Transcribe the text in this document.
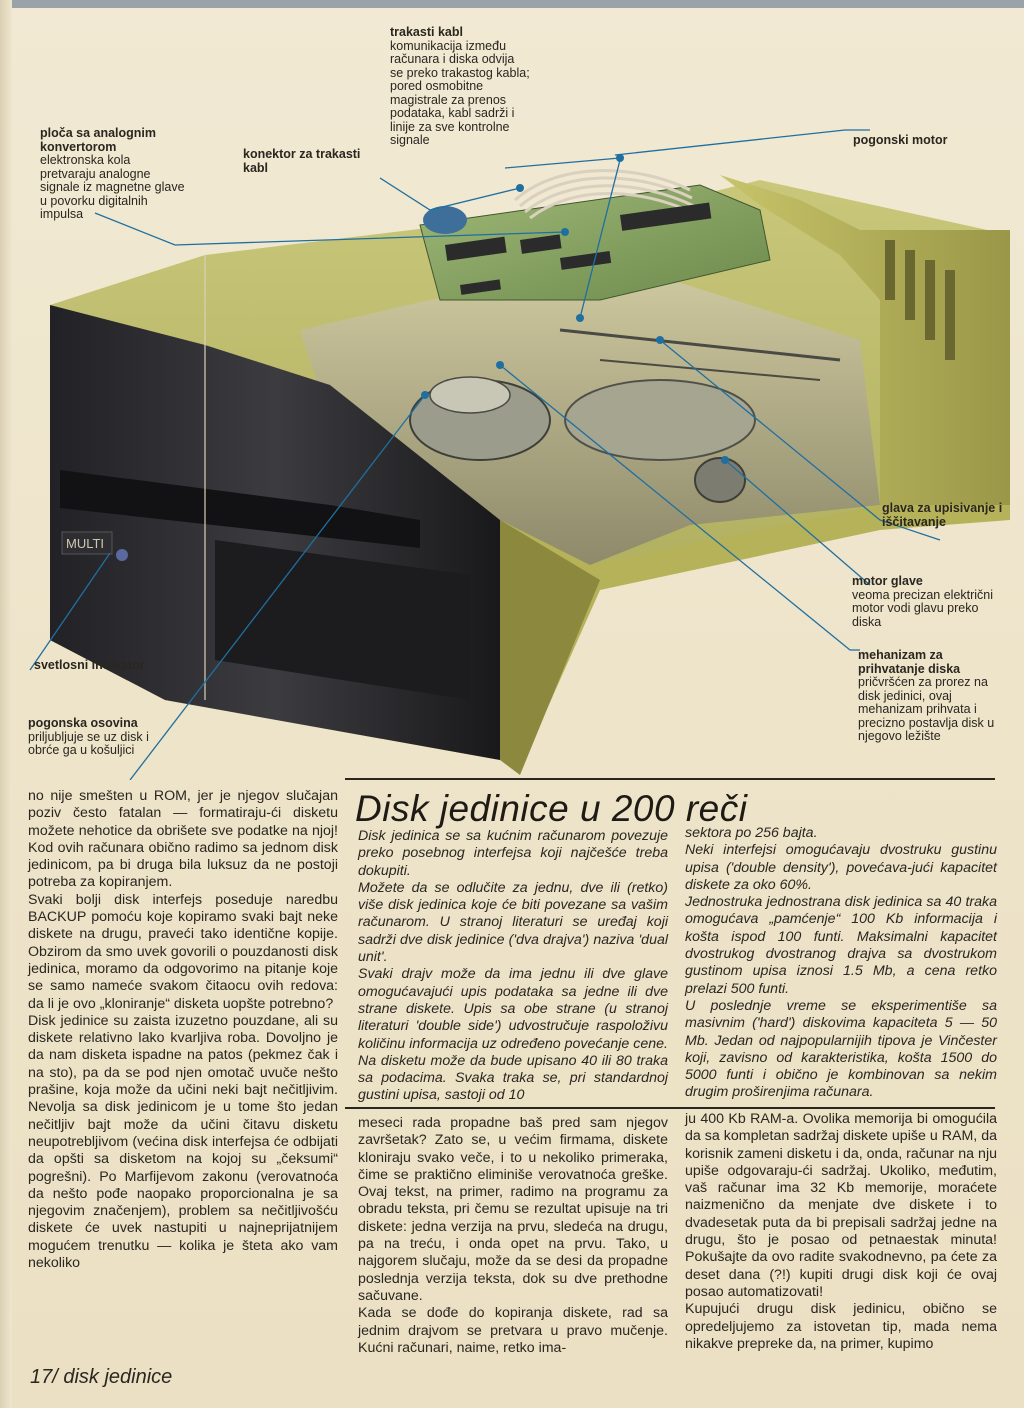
MULTI
ploča sa analognim konvertorom
elektronska kola pretvaraju analogne signale iz magnetne glave u povorku digitalnih impulsa
konektor za trakasti kabl
trakasti kabl
komunikacija između računara i diska odvija se preko trakastog kabla; pored osmobitne magistrale za prenos podataka, kabl sadrži i linije za sve kontrolne signale	pogonski motor
glava za upisivanje i iščitavanje
motor glave
veoma precizan električni motor vodi glavu preko diska
svetlosni indikator
mehanizam za prihvatanje diska
pričvršćen za prorez na disk jedinici, ovaj mehanizam prihvata i precizno postavlja disk u njegovo ležište
pogonska osovina
priljubljuje se uz disk i obrće ga u košuljici
Disk jedinice u 200 reči
no nije smešten u ROM, jer je njegov slučajan poziv često fatalan — formatiraju-ći disketu možete nehotice da obrišete sve podatke na njoj! Kod ovih računara obično radimo sa jednom disk jedinicom, pa bi druga bila luksuz da ne postoji potreba za kopiranjem.
Svaki bolji disk interfejs poseduje naredbu BACKUP pomoću koje kopiramo svaki bajt neke diskete na drugu, praveći tako identične kopije. Obzirom da smo uvek govorili o pouzdanosti disk jedinica, moramo da odgovorimo na pitanje koje se samo nameće svakom čitaocu ovih redova: da li je ovo „kloniranje“ disketa uopšte potrebno?
Disk jedinice su zaista izuzetno pouzdane, ali su diskete relativno lako kvarljiva roba. Dovoljno je da nam disketa ispadne na patos (pekmez čak i na sto), pa da se pod njen omotač uvuče nešto prašine, koja može da učini neki bajt nečitljivim. Nevolja sa disk jedinicom je u tome što jedan nečitljiv bajt može da učini čitavu disketu neupotrebljivom (većina disk interfejsa će odbijati da opšti sa disketom na kojoj su „čeksumi“ pogrešni). Po Marfijevom zakonu (verovatnoća da nešto pođe naopako proporcionalna je sa njegovim značenjem), problem sa nečitljivošću diskete će uvek nastupiti u najneprijatnijem mogućem trenutku — kolika je šteta ako vam nekoliko
Disk jedinica se sa kućnim računarom povezuje preko posebnog interfejsa koji najčešće treba dokupiti.
Možete da se odlučite za jednu, dve ili (retko) više disk jedinica koje će biti povezane sa vašim računarom. U stranoj literaturi se uređaj koji sadrži dve disk jedinice ('dva drajva') naziva 'dual unit'.
Svaki drajv može da ima jednu ili dve glave omogućavajući upis podataka sa jedne ili dve strane diskete. Upis sa obe strane (u stranoj literaturi 'double side') udvostručuje raspoloživu količinu informacija uz određeno povećanje cene.
Na disketu može da bude upisano 40 ili 80 traka sa podacima. Svaka traka se, pri standardnoj gustini upisa, sastoji od 10
sektora po 256 bajta.
Neki interfejsi omogućavaju dvostruku gustinu upisa ('double density'), povećava-jući kapacitet diskete za oko 60%.
Jednostruka jednostrana disk jedinica sa 40 traka omogućava „pamćenje“ 100 Kb informacija i košta ispod 100 funti. Maksimalni kapacitet dvostrukog dvostranog drajva sa dvostrukom gustinom upisa iznosi 1.5 Mb, a cena retko prelazi 500 funti.
U poslednje vreme se eksperimentiše sa masivnim ('hard') diskovima kapaciteta 5 — 50 Mb. Jedan od najpopularnijih tipova je Vinčester koji, zavisno od karakteristika, košta 1500 do 5000 funti i obično je kombinovan sa nekim drugim proširenjima računara.
meseci rada propadne baš pred sam njegov završetak? Zato se, u većim firmama, diskete kloniraju svako veče, i to u nekoliko primeraka, čime se praktično eliminiše verovatnoća greške. Ovaj tekst, na primer, radimo na programu za obradu teksta, pri čemu se rezultat upisuje na tri diskete: jedna verzija na prvu, sledeća na drugu, pa na treću, i onda opet na prvu. Tako, u najgorem slučaju, može da se desi da propadne poslednja verzija teksta, dok su dve prethodne sačuvane.
Kada se dođe do kopiranja diskete, rad sa jednim drajvom se pretvara u pravo mučenje. Kućni računari, naime, retko ima-
ju 400 Kb RAM-a. Ovolika memorija bi omogućila da sa kompletan sadržaj diskete upiše u RAM, da korisnik zameni disketu i da, onda, računar na nju upiše odgovaraju-ći sadržaj. Ukoliko, međutim, vaš računar ima 32 Kb memorije, moraćete naizmenično da menjate dve diskete i to dvadesetak puta da bi prepisali sadržaj jedne na drugu, što je posao od petnaestak minuta! Pokušajte da ovo radite svakodnevno, pa ćete za deset dana (?!) kupiti drugi disk koji će ovaj posao automatizovati!
Kupujući drugu disk jedinicu, obično se opredeljujemo za istovetan tip, mada nema nikakve prepreke da, na primer, kupimo
17/ disk jedinice
